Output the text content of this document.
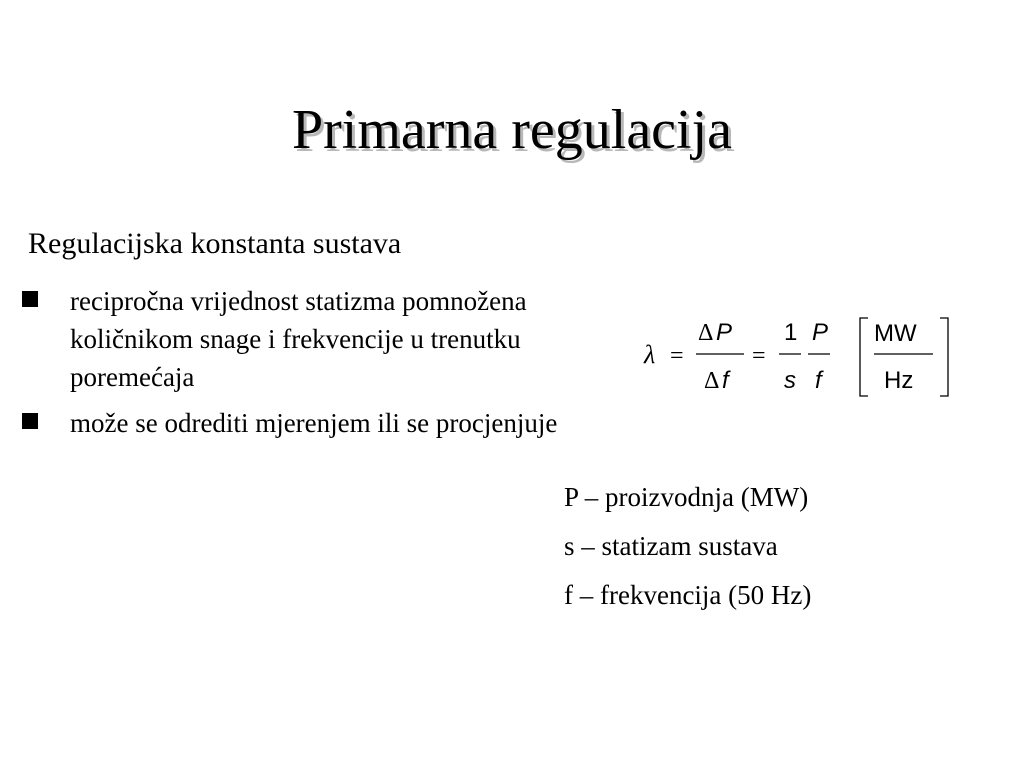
Primarna regulacija
Regulacijska konstanta sustava
recipročna vrijednost statizma pomnožena količnikom snage i frekvencije u trenutku poremećaja
može se odrediti mjerenjem ili se procjenjuje
λ =
Δ P
Δ f
=
1
s
P
f
MW
Hz
P – proizvodnja (MW)
s – statizam sustava
f – frekvencija (50 Hz)
